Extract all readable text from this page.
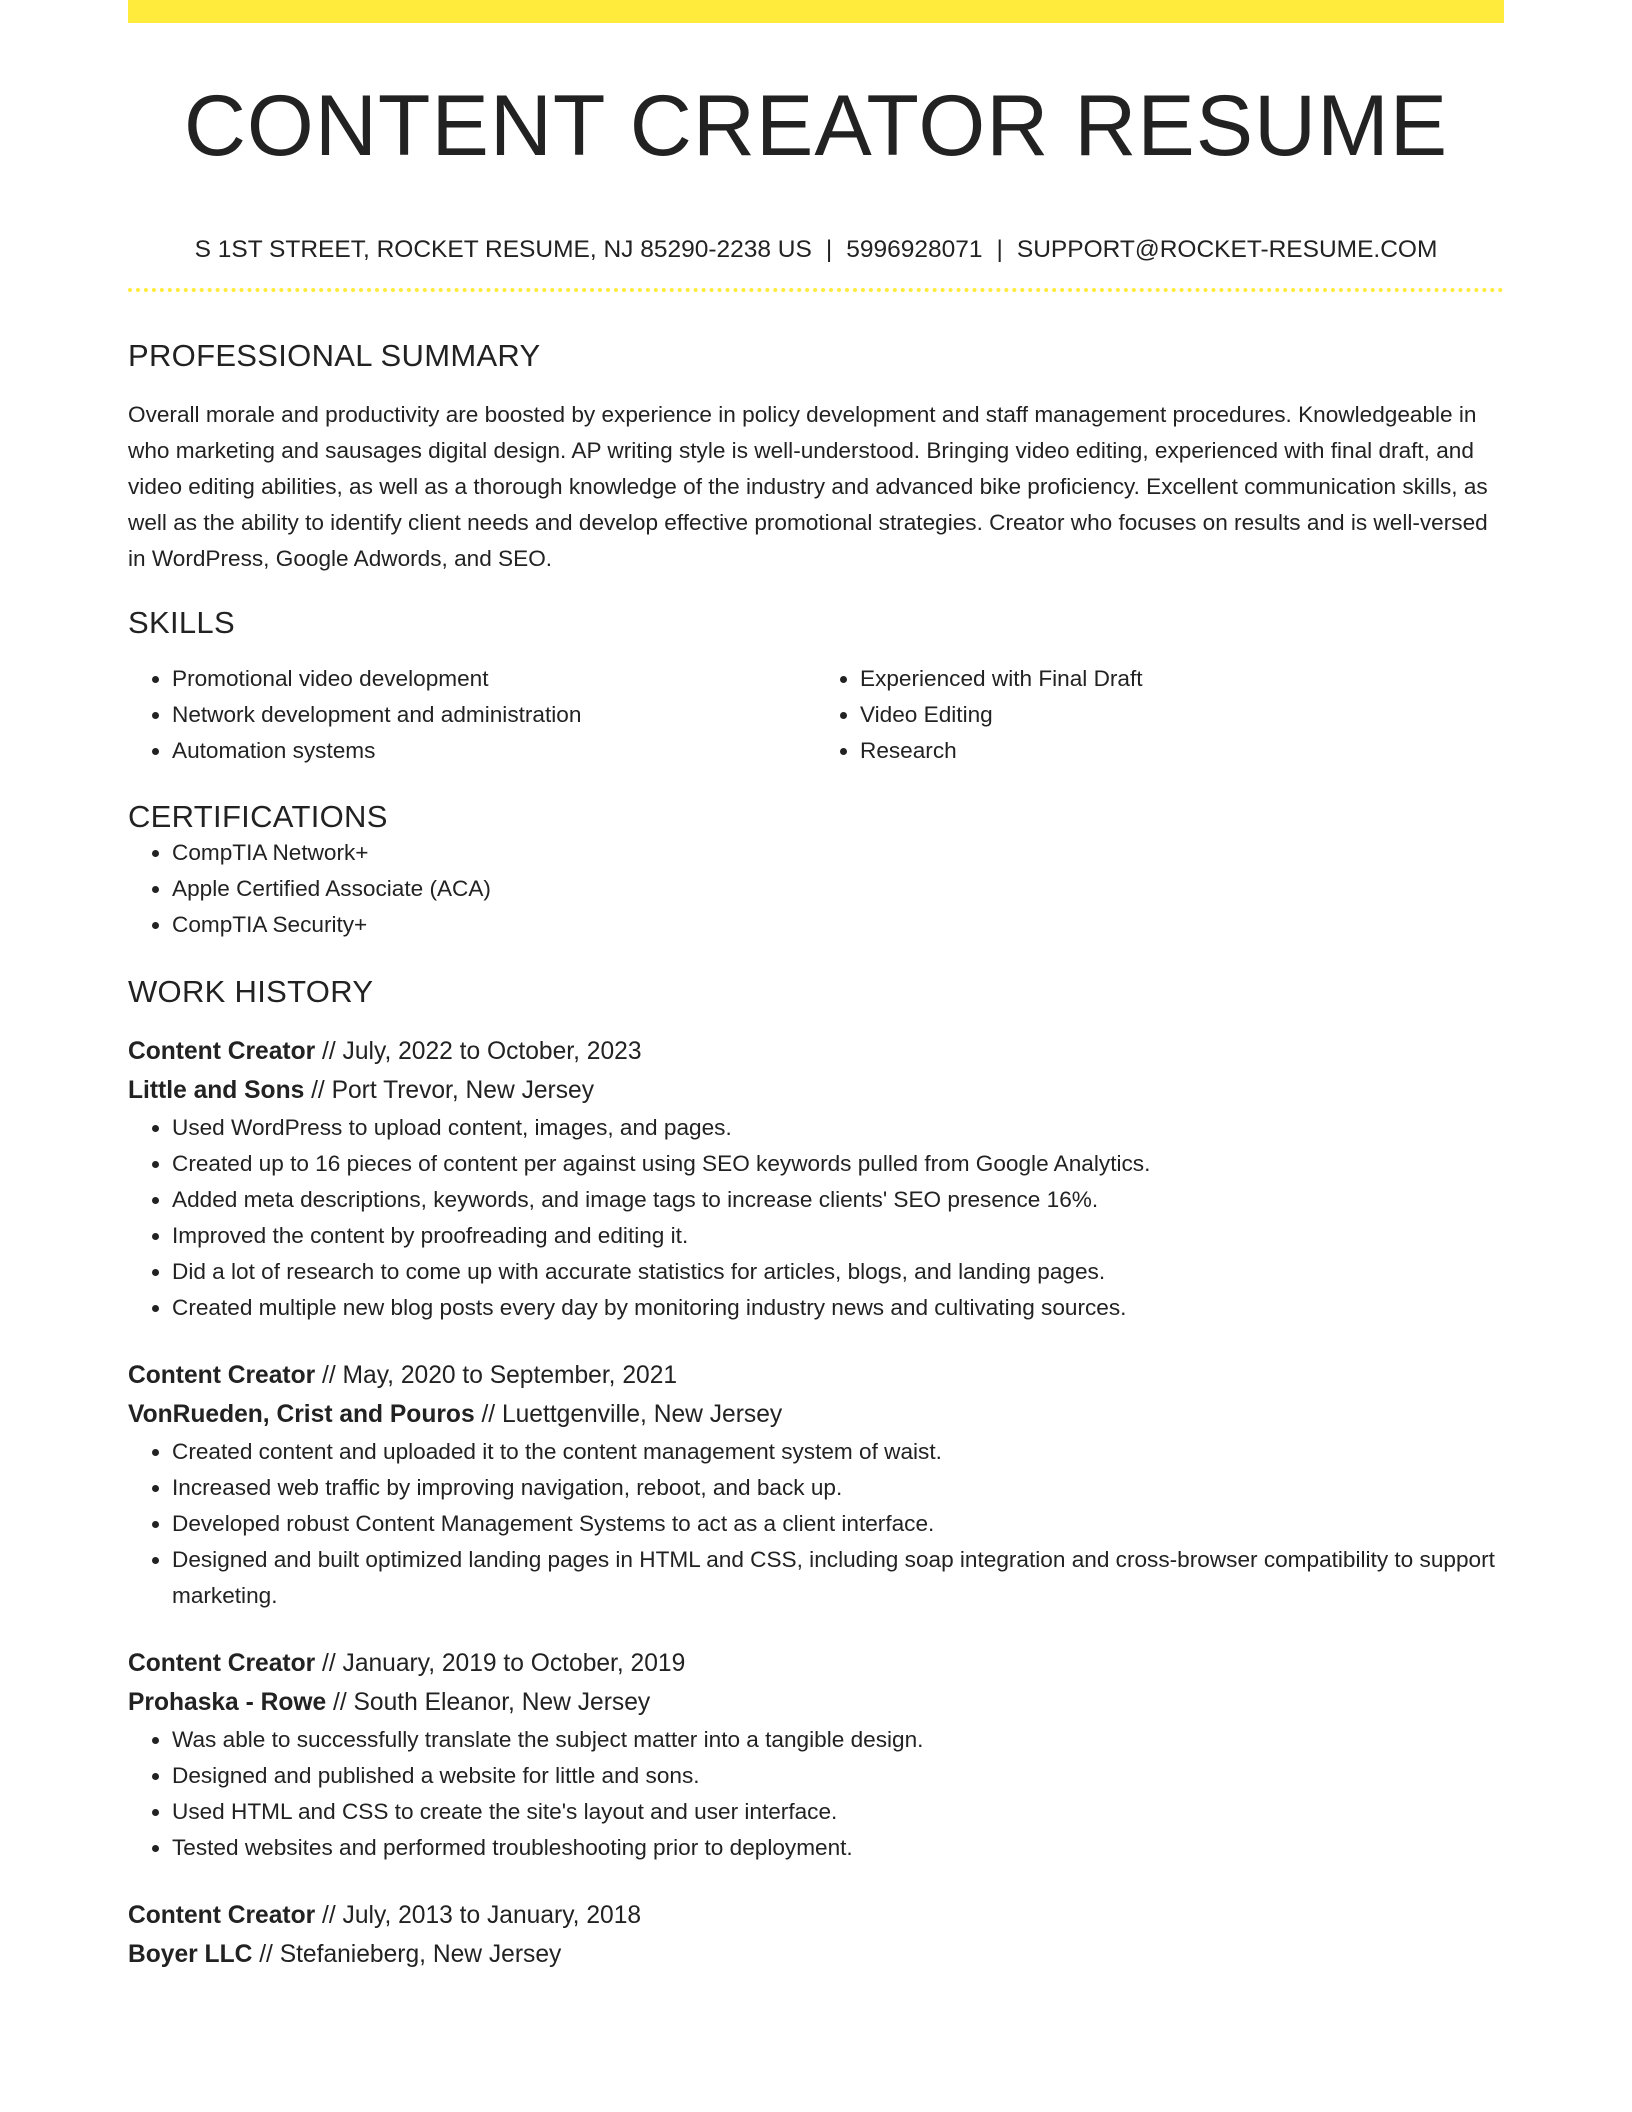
CONTENT CREATOR RESUME
S 1ST STREET, ROCKET RESUME, NJ 85290-2238 US | 5996928071 | SUPPORT@ROCKET-RESUME.COM
PROFESSIONAL SUMMARY
Overall morale and productivity are boosted by experience in policy development and staff management procedures. Knowledgeable in who marketing and sausages digital design. AP writing style is well-understood. Bringing video editing, experienced with final draft, and video editing abilities, as well as a thorough knowledge of the industry and advanced bike proficiency. Excellent communication skills, as well as the ability to identify client needs and develop effective promotional strategies. Creator who focuses on results and is well-versed in WordPress, Google Adwords, and SEO.
SKILLS
• Promotional video development
• Network development and administration
• Automation systems
• Experienced with Final Draft
• Video Editing
• Research
CERTIFICATIONS
• CompTIA Network+
• Apple Certified Associate (ACA)
• CompTIA Security+
WORK HISTORY
Content Creator // July, 2022 to October, 2023
Little and Sons // Port Trevor, New Jersey
• Used WordPress to upload content, images, and pages.
• Created up to 16 pieces of content per against using SEO keywords pulled from Google Analytics.
• Added meta descriptions, keywords, and image tags to increase clients' SEO presence 16%.
• Improved the content by proofreading and editing it.
• Did a lot of research to come up with accurate statistics for articles, blogs, and landing pages.
• Created multiple new blog posts every day by monitoring industry news and cultivating sources.
Content Creator // May, 2020 to September, 2021
VonRueden, Crist and Pouros // Luettgenville, New Jersey
• Created content and uploaded it to the content management system of waist.
• Increased web traffic by improving navigation, reboot, and back up.
• Developed robust Content Management Systems to act as a client interface.
• Designed and built optimized landing pages in HTML and CSS, including soap integration and cross-browser compatibility to support marketing.
Content Creator // January, 2019 to October, 2019
Prohaska - Rowe // South Eleanor, New Jersey
• Was able to successfully translate the subject matter into a tangible design.
• Designed and published a website for little and sons.
• Used HTML and CSS to create the site's layout and user interface.
• Tested websites and performed troubleshooting prior to deployment.
Content Creator // July, 2013 to January, 2018
Boyer LLC // Stefanieberg, New Jersey
